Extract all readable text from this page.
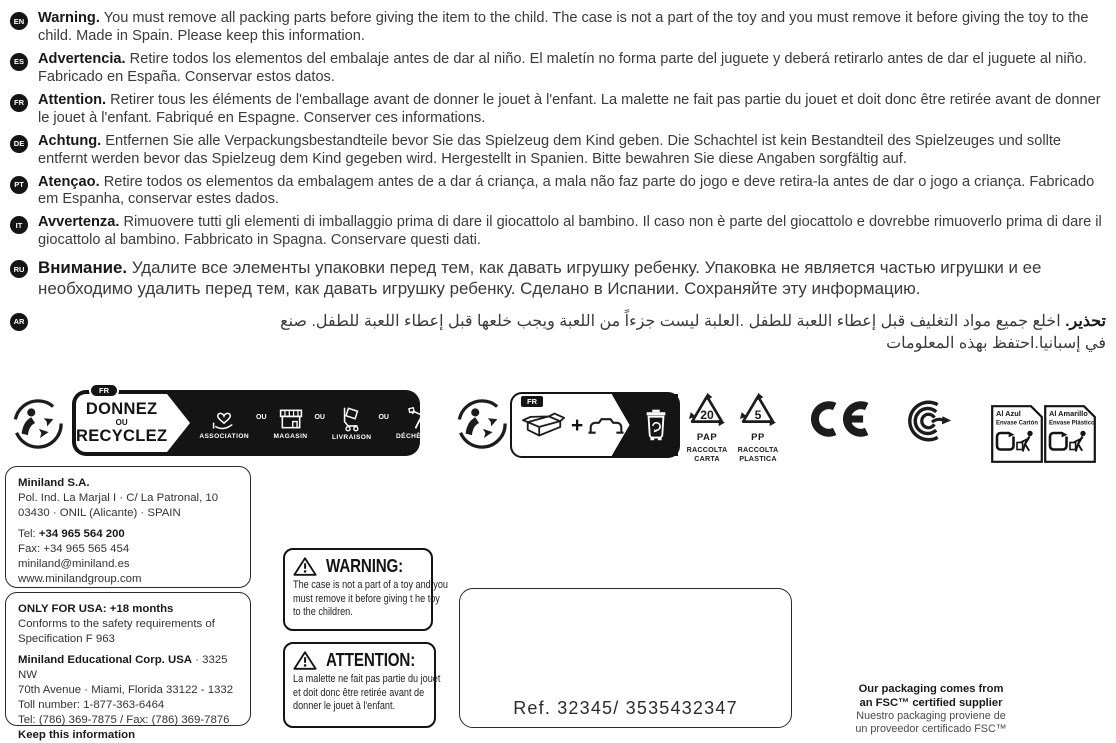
EN Warning. You must remove all packing parts before giving the item to the child. The case is not a part of the toy and you must remove it before giving the toy to the child. Made in Spain. Please keep this information.
ES Advertencia. Retire todos los elementos del embalaje antes de dar al niño. El maletín no forma parte del juguete y deberá retirarlo antes de dar el juguete al niño. Fabricado en España. Conservar estos datos.
FR Attention. Retirer tous les éléments de l'emballage avant de donner le jouet à l'enfant. La malette ne fait pas partie du jouet et doit donc être retirée avant de donner le jouet à l'enfant. Fabriqué en Espagne. Conserver ces informations.
DE Achtung. Entfernen Sie alle Verpackungsbestandteile bevor Sie das Spielzeug dem Kind geben. Die Schachtel ist kein Bestandteil des Spielzeuges und sollte entfernt werden bevor das Spielzeug dem Kind gegeben wird. Hergestellt in Spanien. Bitte bewahren Sie diese Angaben sorgfältig auf.
PT Atençao. Retire todos os elementos da embalagem antes de a dar á criança, a mala não faz parte do jogo e deve retira-la antes de dar o jogo a criança. Fabricado em Espanha, conservar estes dados.
IT	Avvertenza. Rimuovere tutti gli elementi di imballaggio prima di dare il giocattolo al bambino. Il caso non è parte del giocattolo e dovrebbe rimuoverlo prima di dare il giocattolo al bambino. Fabbricato in Spagna. Conservare questi dati.
RU Внимание. Удалите все элементы упаковки перед тем, как давать игрушку ребенку. Упаковка не является частью игрушки и ее необходимо удалить перед тем, как давать игрушку ребенку. Сделано в Испании. Сохраняйте эту информацию.
AR	تحذير. اخلع جميع مواد التغليف قبل إعطاء اللعبة للطفل .العلبة ليست جزءاً من اللعبة ويجب خلعها قبل إعطاء اللعبة للطفل. صنع في إسبانيا.احتفظ بهذه المعلومات
FR
DONNEZ
OU
RECYCLEZ	ASSOCIATION
OU
MAGASIN
OU
LIVRAISON
OU
DÉCHÈTERIE
FR
+	20
PAP
RACCOLTA
CARTA
5
PP
RACCOLTA
PLASTICA
Al Azul
Envase Cartón
Al Amarillo
Envase Plástico
Miniland S.A.
Pol. Ind. La Marjal I · C/ La Patronal, 10
03430 · ONIL (Alicante) · SPAIN
Tel: +34 965 564 200
Fax: +34 965 565 454
miniland@miniland.es
www.minilandgroup.com
ONLY FOR USA: +18 months
Conforms to the safety requirements of
Specification F 963
Miniland Educational Corp. USA · 3325 NW
70th Avenue · Miami, Florida 33122 - 1332
Toll number: 1-877-363-6464
Tel: (786) 369-7875 / Fax: (786) 369-7876
Keep this information
WARNING:
The case is not a part of a toy and you
must remove it before giving t he toy
to the children.
ATTENTION:
La malette ne fait pas partie du jouet
et doit donc être retirée avant de
donner le jouet à l'enfant.	Ref. 32345/ 3535432347
Our packaging comes from
an FSC™ certified supplier
Nuestro packaging proviene de
un proveedor certificado FSC™
